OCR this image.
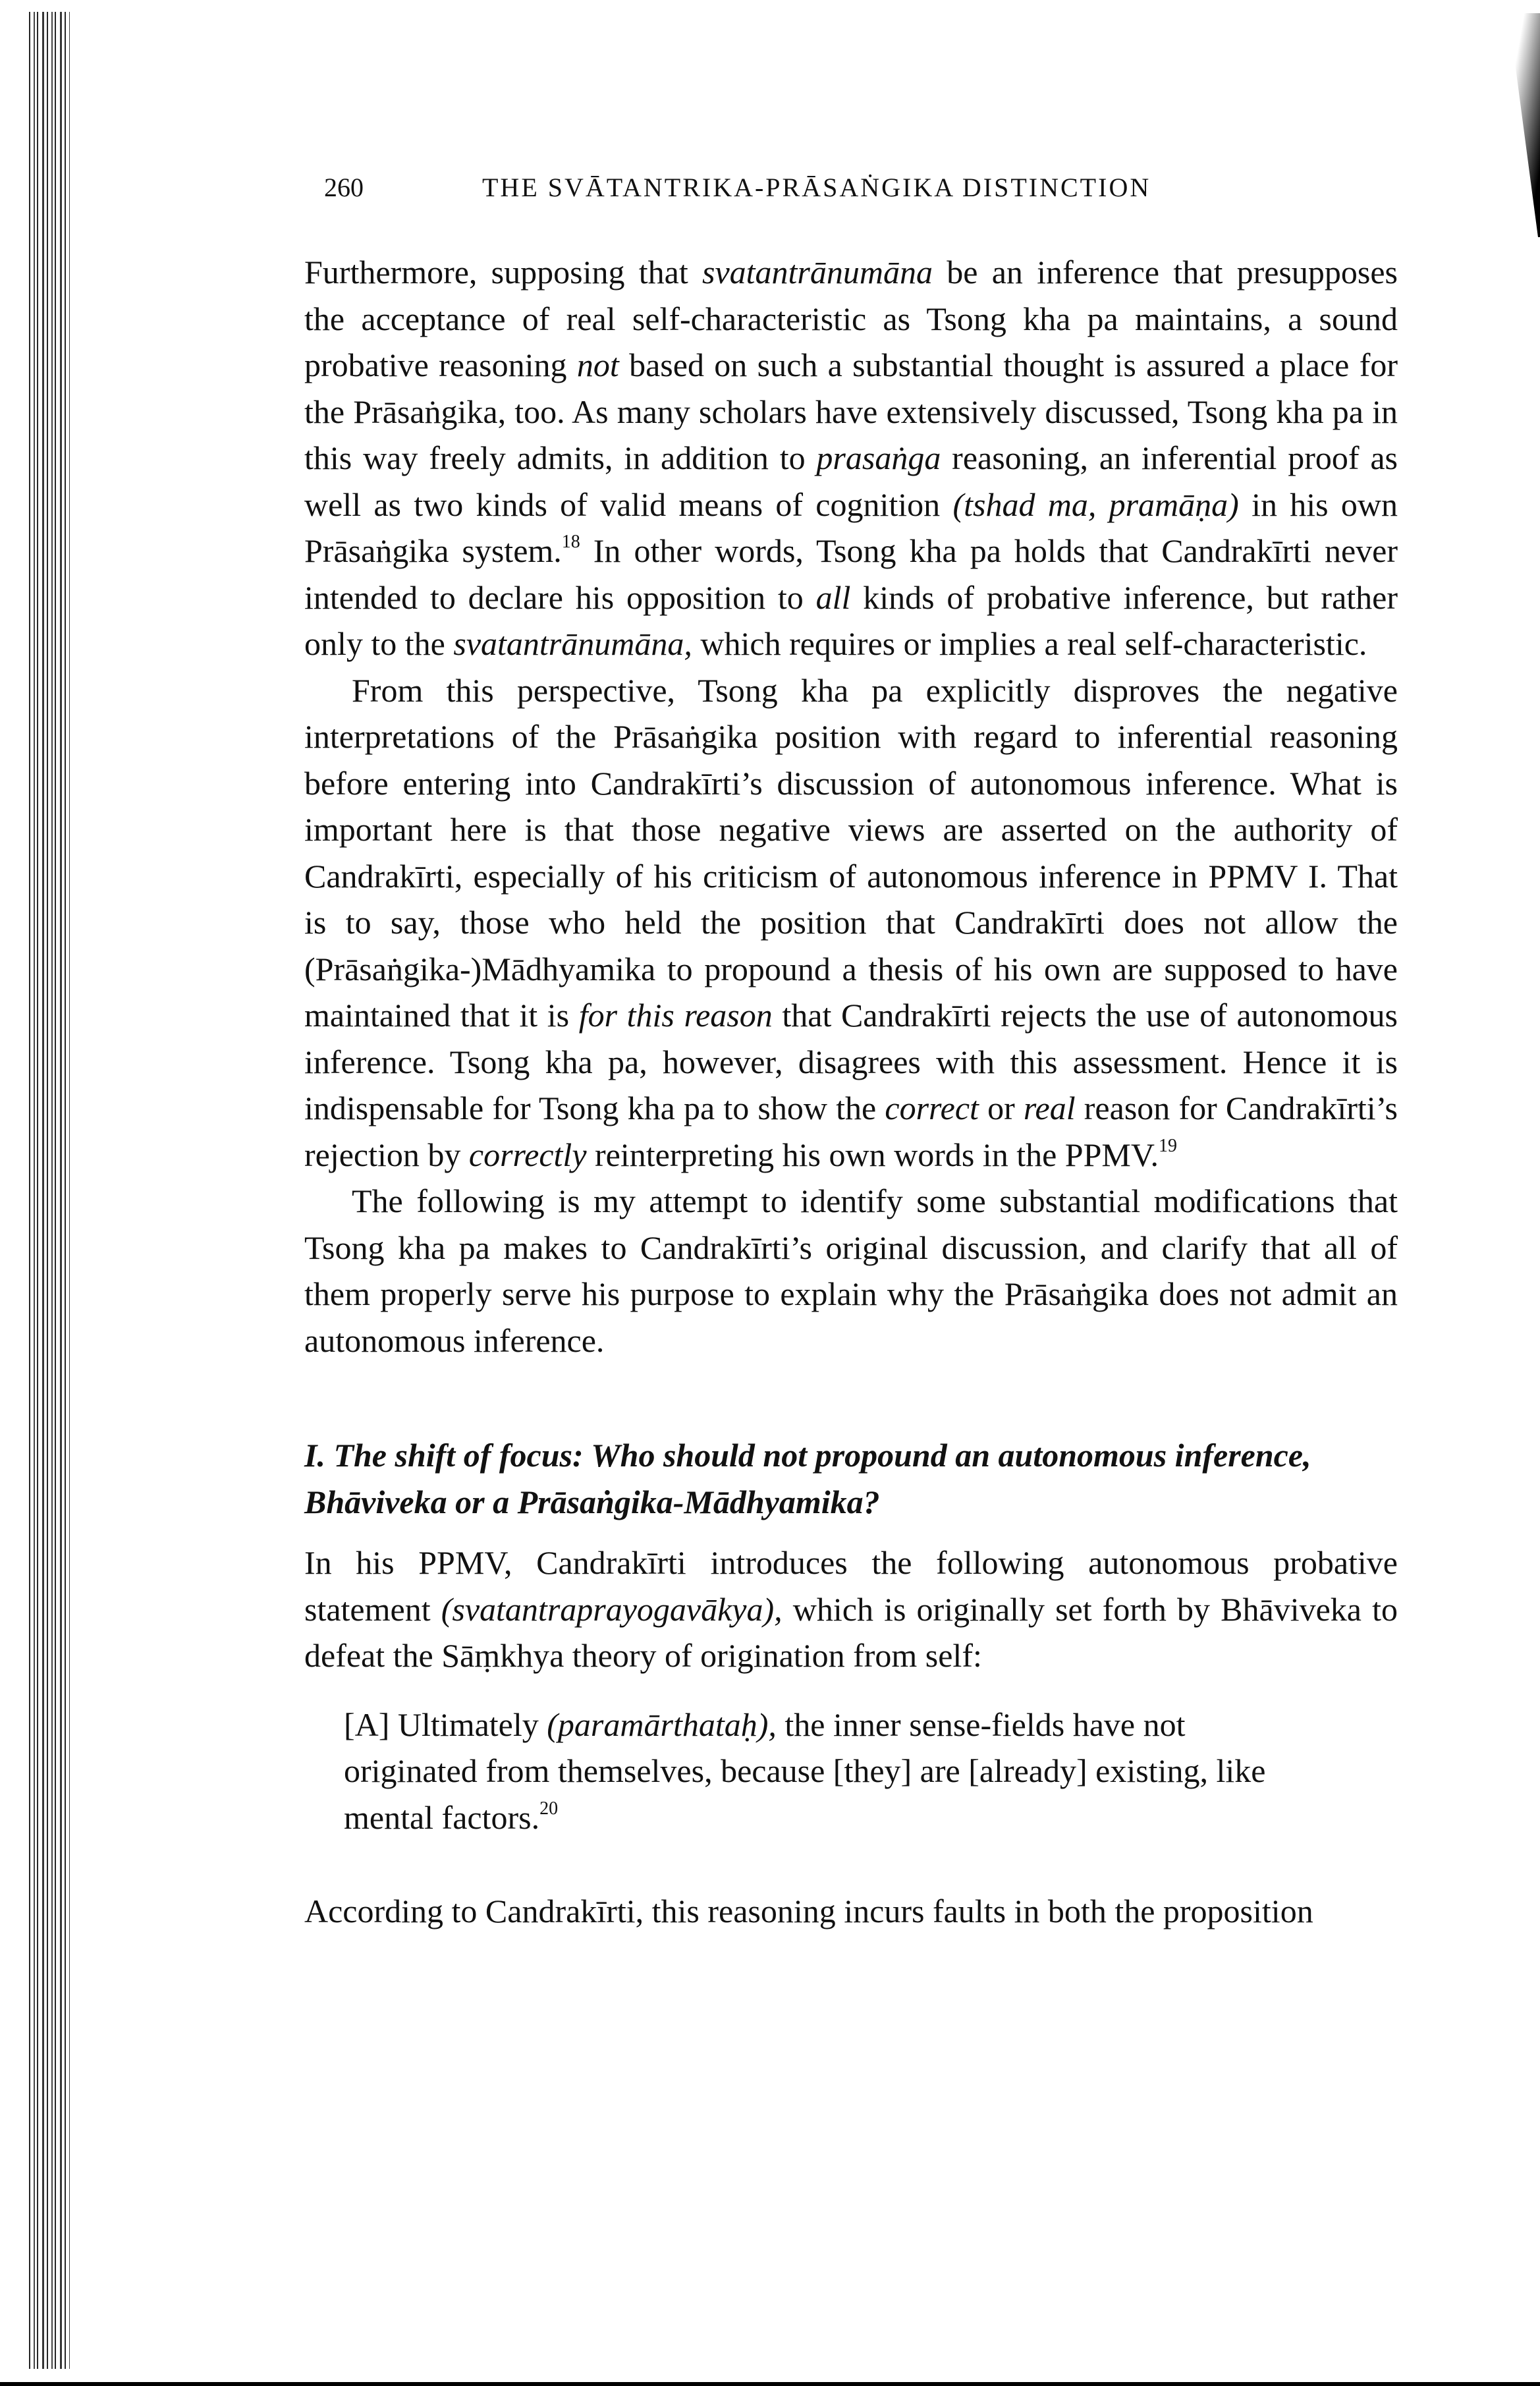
260	THE SVĀTANTRIKA-PRĀSAṄGIKA DISTINCTION

Furthermore, supposing that svatantrānumāna be an inference that presupposes the acceptance of real self-characteristic as Tsong kha pa maintains, a sound probative reasoning not based on such a substantial thought is assured a place for the Prāsaṅgika, too. As many scholars have extensively discussed, Tsong kha pa in this way freely admits, in addition to prasaṅga reasoning, an inferential proof as well as two kinds of valid means of cognition (tshad ma, pramāṇa) in his own Prāsaṅgika system.$^{18}$ In other words, Tsong kha pa holds that Candrakīrti never intended to declare his opposition to all kinds of probative inference, but rather only to the svatantrānumāna, which requires or implies a real self-characteristic.

From this perspective, Tsong kha pa explicitly disproves the negative interpretations of the Prāsaṅgika position with regard to inferential reasoning before entering into Candrakīrti’s discussion of autonomous inference. What is important here is that those negative views are asserted on the authority of Candrakīrti, especially of his criticism of autonomous inference in PPMV I. That is to say, those who held the position that Candrakīrti does not allow the (Prāsaṅgika-)Mādhyamika to propound a thesis of his own are supposed to have maintained that it is for this reason that Candrakīrti rejects the use of autonomous inference. Tsong kha pa, however, disagrees with this assessment. Hence it is indispensable for Tsong kha pa to show the correct or real reason for Candrakīrti’s rejection by correctly reinterpreting his own words in the PPMV.$^{19}$

The following is my attempt to identify some substantial modifications that Tsong kha pa makes to Candrakīrti’s original discussion, and clarify that all of them properly serve his purpose to explain why the Prāsaṅgika does not admit an autonomous inference.

I. The shift of focus: Who should not propound an autonomous inference, Bhāviveka or a Prāsaṅgika-Mādhyamika?

In his PPMV, Candrakīrti introduces the following autonomous probative statement (svatantraprayogavākya), which is originally set forth by Bhāviveka to defeat the Sāṃkhya theory of origination from self:

[A] Ultimately (paramārthataḥ), the inner sense-fields have not originated from themselves, because [they] are [already] existing, like mental factors.$^{20}$

According to Candrakīrti, this reasoning incurs faults in both the proposition
